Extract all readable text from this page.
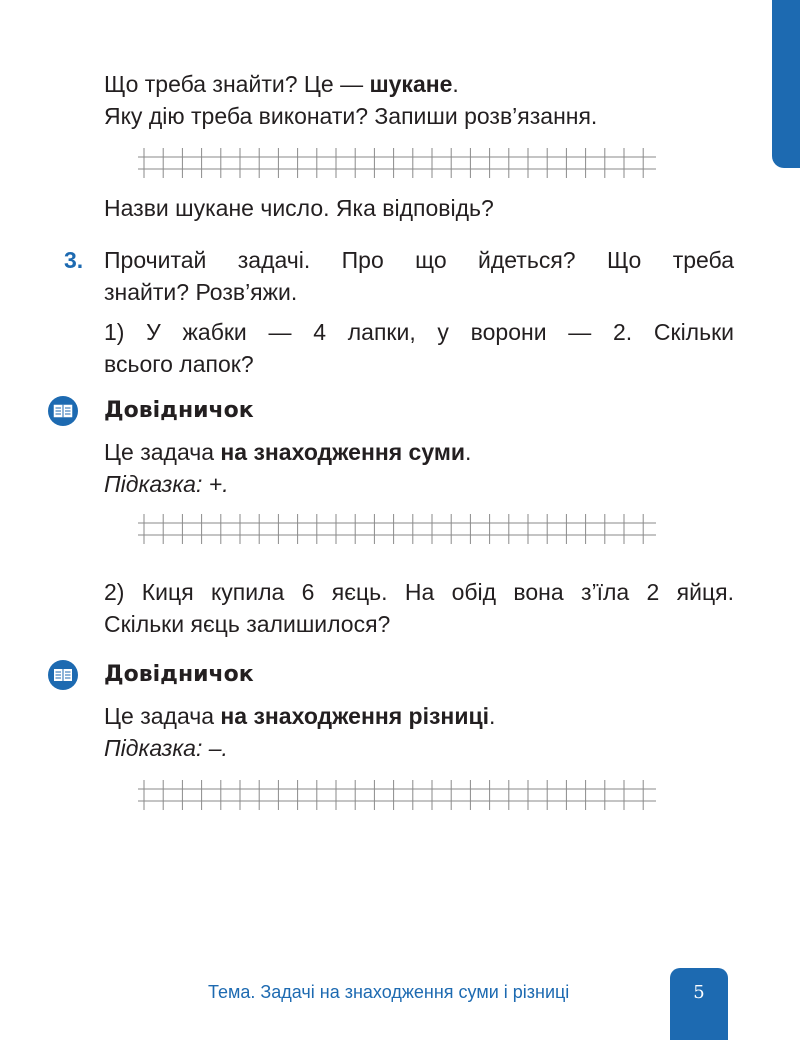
Що треба знайти? Це — шукане.

Яку дію треба виконати? Запиши розв’язання.

Назви шукане число. Яка відповідь?

3. Прочитай задачі. Про що йдеться? Що треба

знайти? Розв’яжи.

1) У жабки — 4 лапки, у ворони — 2. Скільки

всього лапок?

Довідничок

Це задача на знаходження суми.

Підказка: +.

2) Киця купила 6 яєць. На обід вона з’їла 2 яйця.

Скільки яєць залишилося?

Довідничок

Це задача на знаходження різниці.

Підказка: –.

Тема. Задачі на знаходження суми і різниці	5
